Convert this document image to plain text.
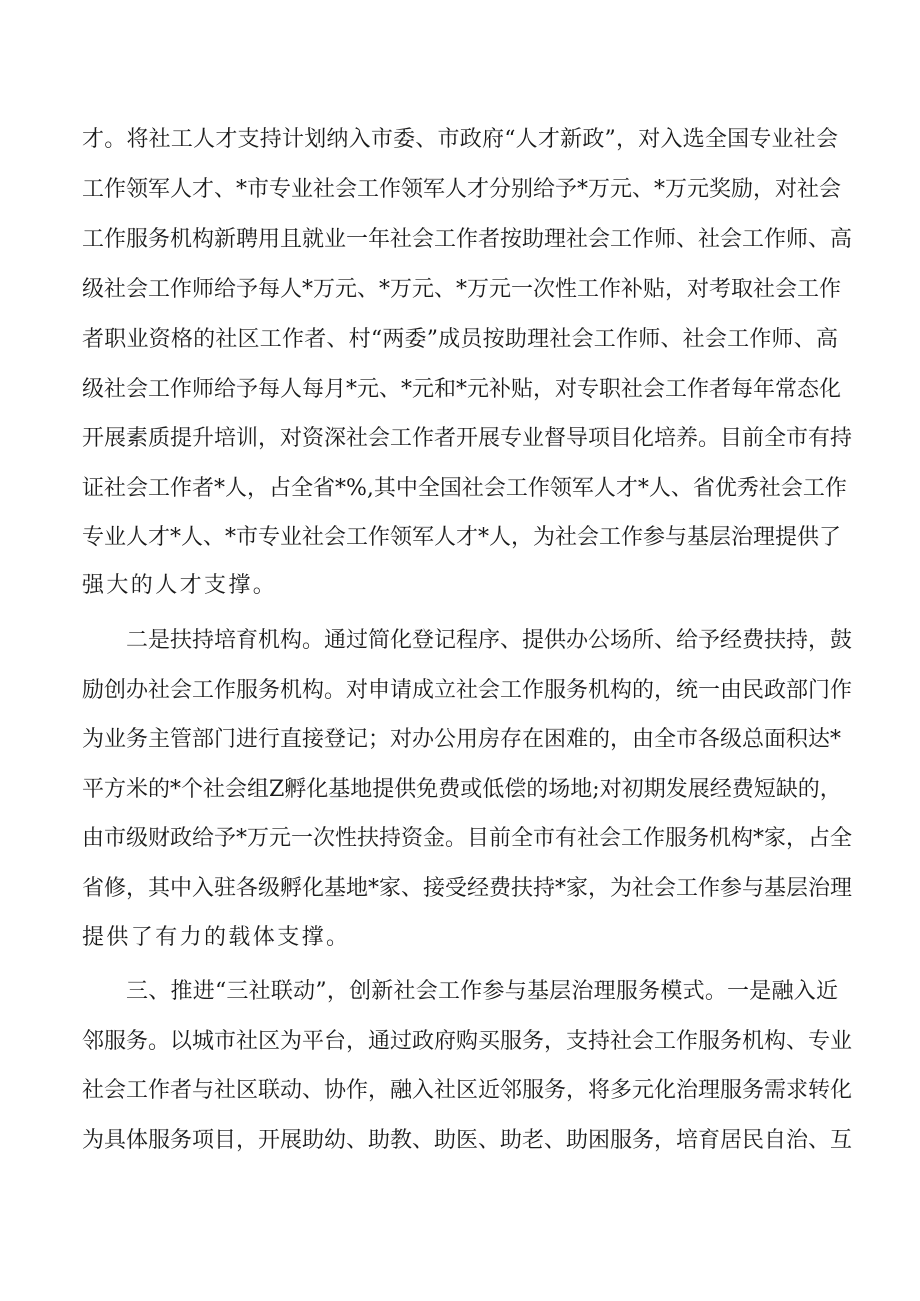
才。将社工人才支持计划纳入市委、市政府“人才新政”，对入选全国专业社会

工作领军人才、*市专业社会工作领军人才分别给予*万元、*万元奖励，对社会

工作服务机构新聘用且就业一年社会工作者按助理社会工作师、社会工作师、高

级社会工作师给予每人*万元、*万元、*万元一次性工作补贴，对考取社会工作

者职业资格的社区工作者、村“两委”成员按助理社会工作师、社会工作师、高

级社会工作师给予每人每月*元、*元和*元补贴，对专职社会工作者每年常态化

开展素质提升培训，对资深社会工作者开展专业督导项目化培养。目前全市有持

证社会工作者*人，占全省*%,其中全国社会工作领军人才*人、省优秀社会工作

专业人才*人、*市专业社会工作领军人才*人，为社会工作参与基层治理提供了

强大的人才支撑。

二是扶持培育机构。通过简化登记程序、提供办公场所、给予经费扶持，鼓

励创办社会工作服务机构。对申请成立社会工作服务机构的，统一由民政部门作

为业务主管部门进行直接登记；对办公用房存在困难的，由全市各级总面积达*

平方米的*个社会组Z孵化基地提供免费或低偿的场地;对初期发展经费短缺的，

由市级财政给予*万元一次性扶持资金。目前全市有社会工作服务机构*家，占全

省修，其中入驻各级孵化基地*家、接受经费扶持*家，为社会工作参与基层治理

提供了有力的载体支撑。

三、推进“三社联动”，创新社会工作参与基层治理服务模式。一是融入近

邻服务。以城市社区为平台，通过政府购买服务，支持社会工作服务机构、专业

社会工作者与社区联动、协作，融入社区近邻服务，将多元化治理服务需求转化

为具体服务项目，开展助幼、助教、助医、助老、助困服务，培育居民自治、互
